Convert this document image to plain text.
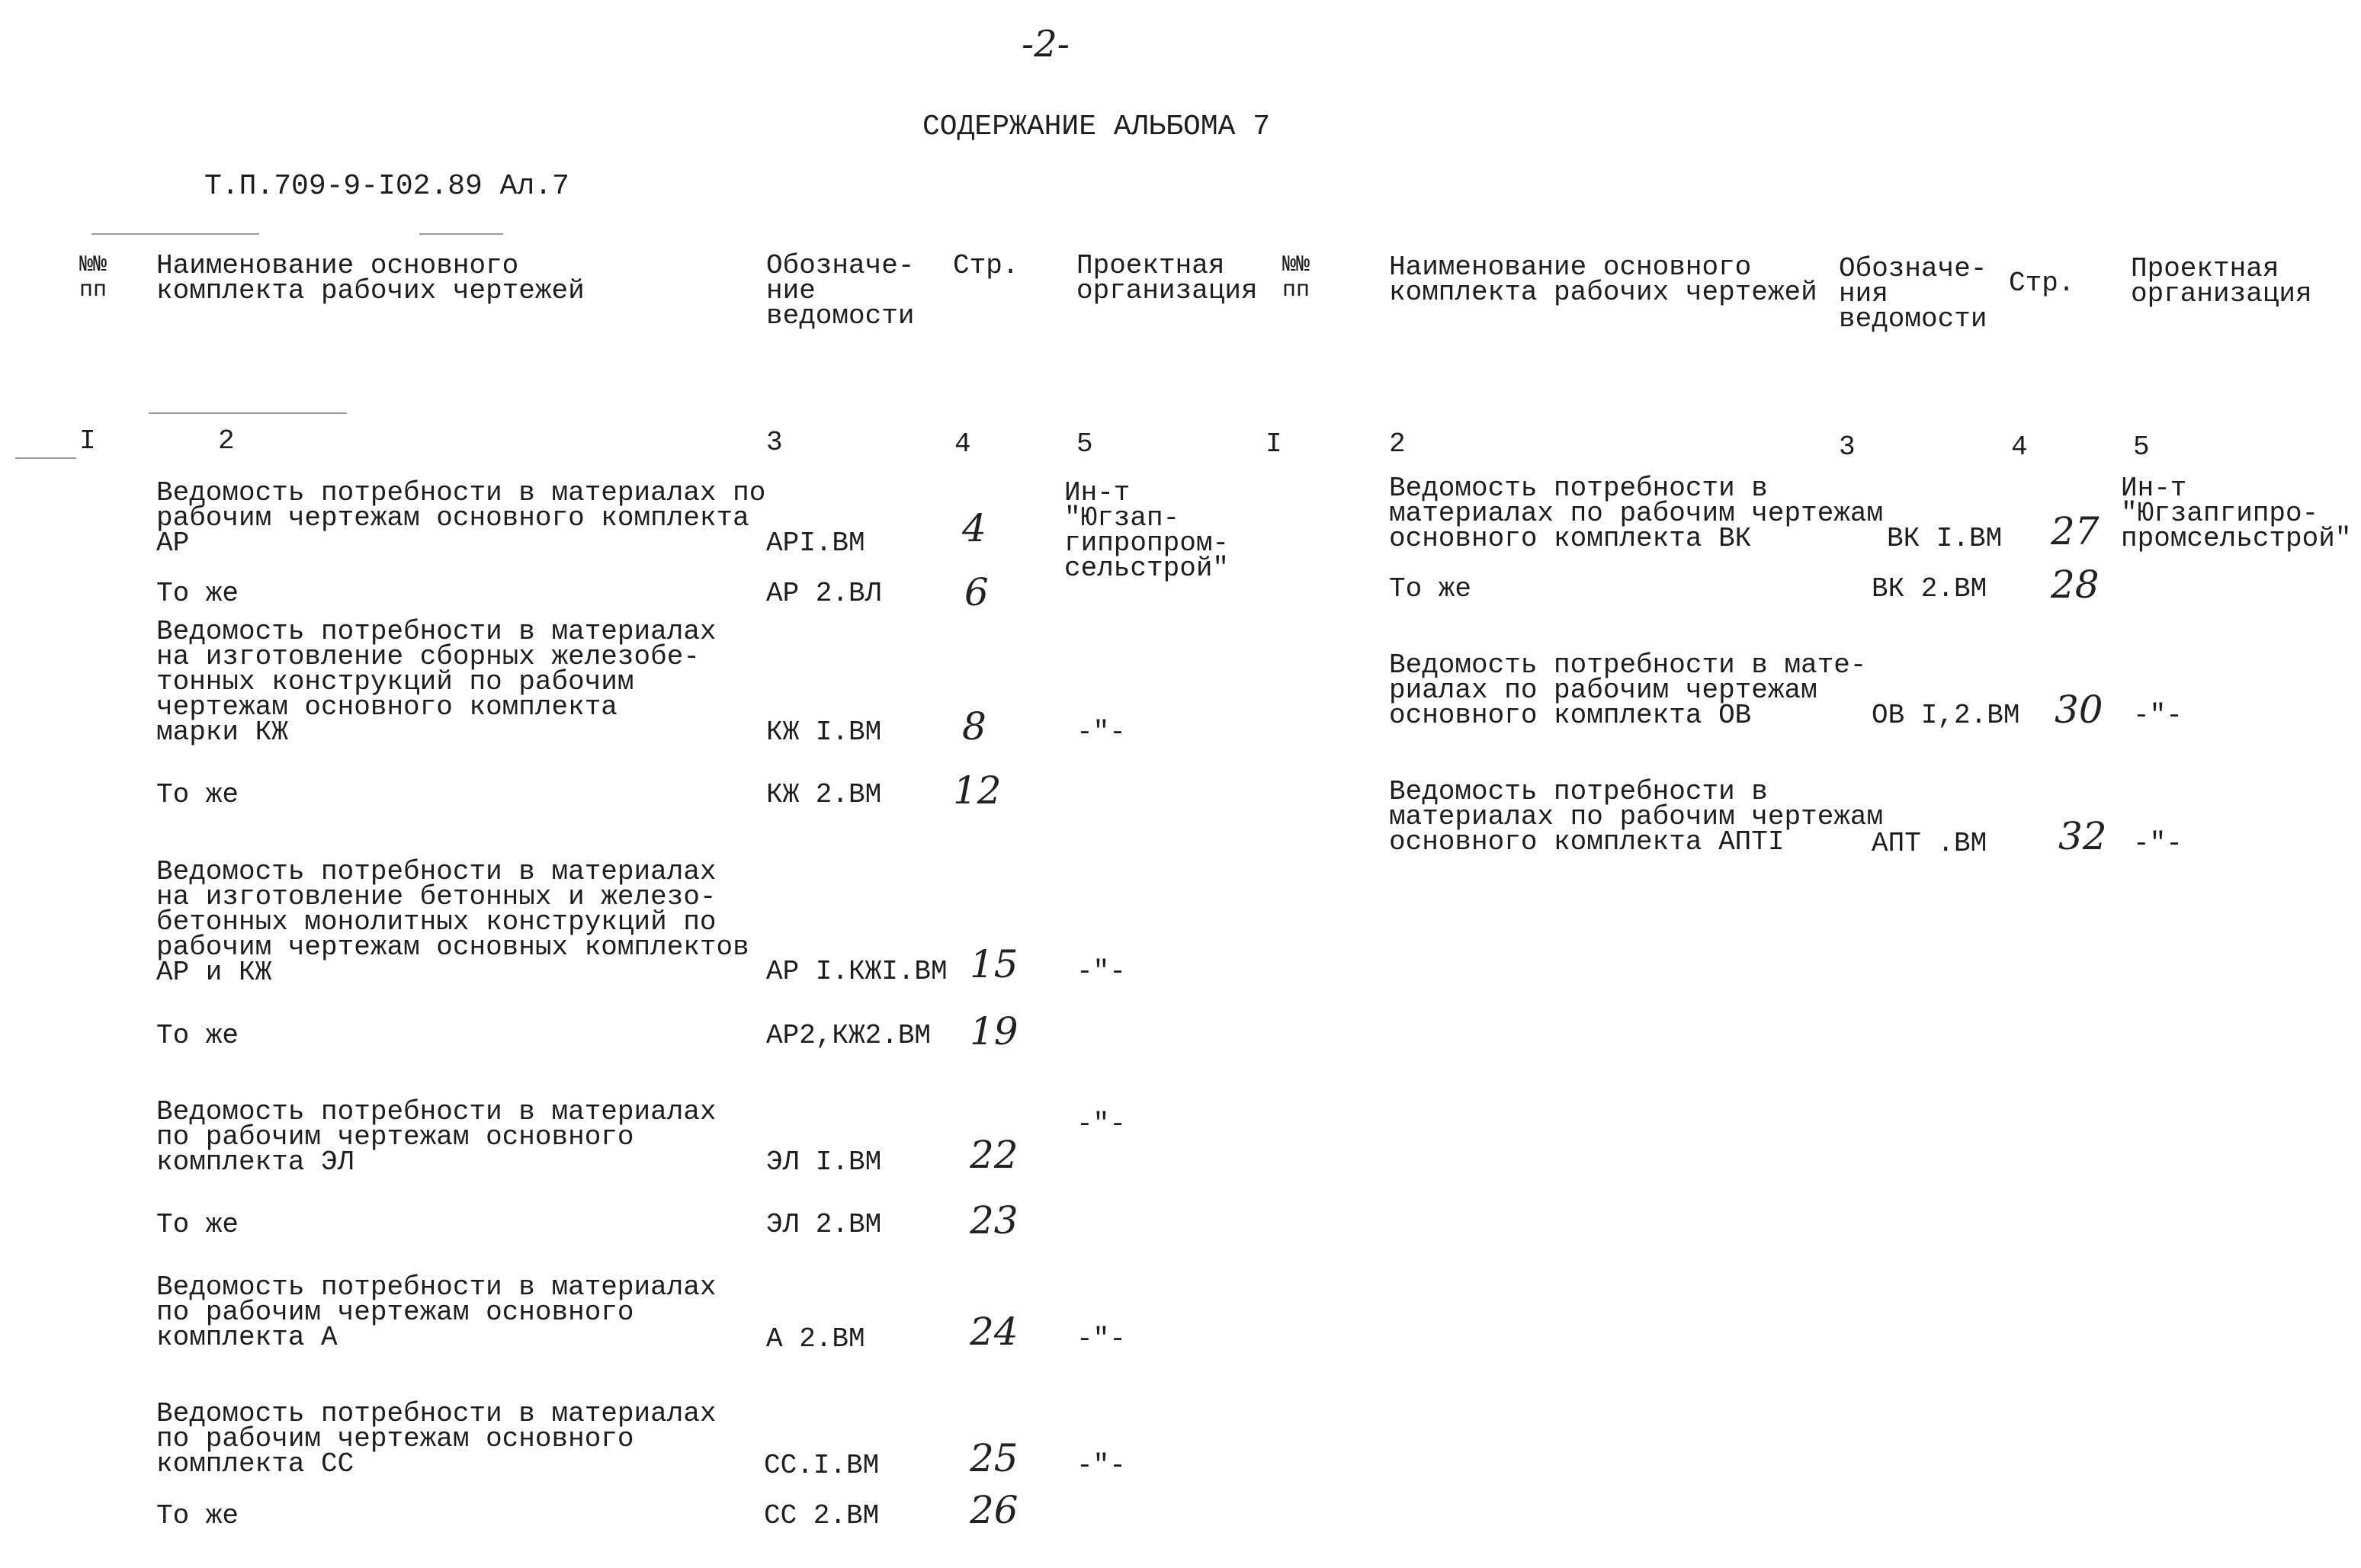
-2-
СОДЕРЖАНИЕ АЛЬБОМА 7
Т.П.709-9-I02.89 Ал.7
№№
пп
Наименование основного
комплекта рабочих чертежей
Обозначе-
ние
ведомости
Стр. Проектная
организация
№№
пп
Наименование основного
комплекта рабочих чертежей
Обозначе-
ния
ведомости
Стр. Проектная
организация
I	2	3	4	5	I	2	3	4	5
Ведомость потребности в материалах по
рабочим чертежам основного комплекта
АР	АРI.ВМ	4
Ин-т
"Югзап-
гипропром-
сельстрой"
То же	АР 2.ВЛ 6
Ведомость потребности в материалах
на изготовление сборных железобе-
тонных конструкций по рабочим
чертежам основного комплекта
марки КЖ	КЖ I.ВМ 8	-"-
То же	КЖ 2.ВМ 12
Ведомость потребности в материалах
на изготовление бетонных и железо-
бетонных монолитных конструкций по
рабочим чертежам основных комплектов
АР и КЖ	АР I.КЖI.ВМ 15 -"-
То же	АР2,КЖ2.ВМ 19
Ведомость потребности в материалах
по рабочим чертежам основного
комплекта ЭЛ	ЭЛ I.ВМ 22
-"-
То же	ЭЛ 2.ВМ 23
Ведомость потребности в материалах
по рабочим чертежам основного
комплекта А	А 2.ВМ	24 -"-
Ведомость потребности в материалах
по рабочим чертежам основного
комплекта СС	СС.I.ВМ 25 -"-
То же	СС 2.ВМ 26
Ведомость потребности в
материалах по рабочим чертежам
основного комплекта ВК	ВК I.ВМ 27
Ин-т
"Югзапгипро-
промсельстрой"
То же	ВК 2.ВМ 28
Ведомость потребности в мате-
риалах по рабочим чертежам
основного комплекта ОВ	ОВ I,2.ВМ 30 -"-
Ведомость потребности в
материалах по рабочим чертежам
основного комплекта АПТI	АПТ .ВМ 32 -"-
